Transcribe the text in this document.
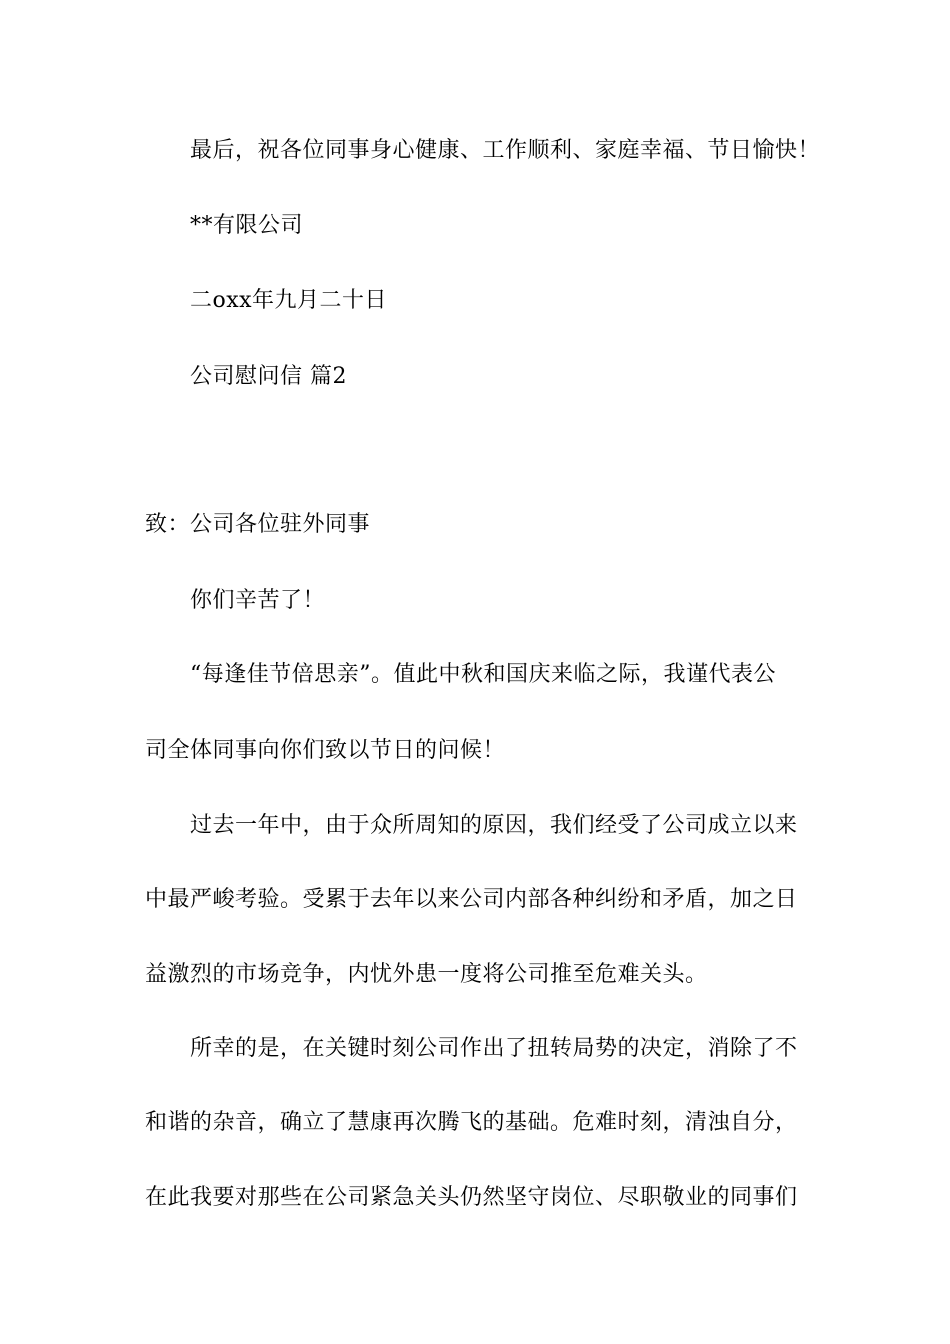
最后，祝各位同事身心健康、工作顺利、家庭幸福、节日愉快！
**有限公司
二oxx年九月二十日
公司慰问信 篇2
致：公司各位驻外同事
你们辛苦了！
“每逢佳节倍思亲”。值此中秋和国庆来临之际，我谨代表公
司全体同事向你们致以节日的问候！
过去一年中，由于众所周知的原因，我们经受了公司成立以来
中最严峻考验。受累于去年以来公司内部各种纠纷和矛盾，加之日
益激烈的市场竞争，内忧外患一度将公司推至危难关头。
所幸的是，在关键时刻公司作出了扭转局势的决定，消除了不
和谐的杂音，确立了慧康再次腾飞的基础。危难时刻，清浊自分，
在此我要对那些在公司紧急关头仍然坚守岗位、尽职敬业的同事们
